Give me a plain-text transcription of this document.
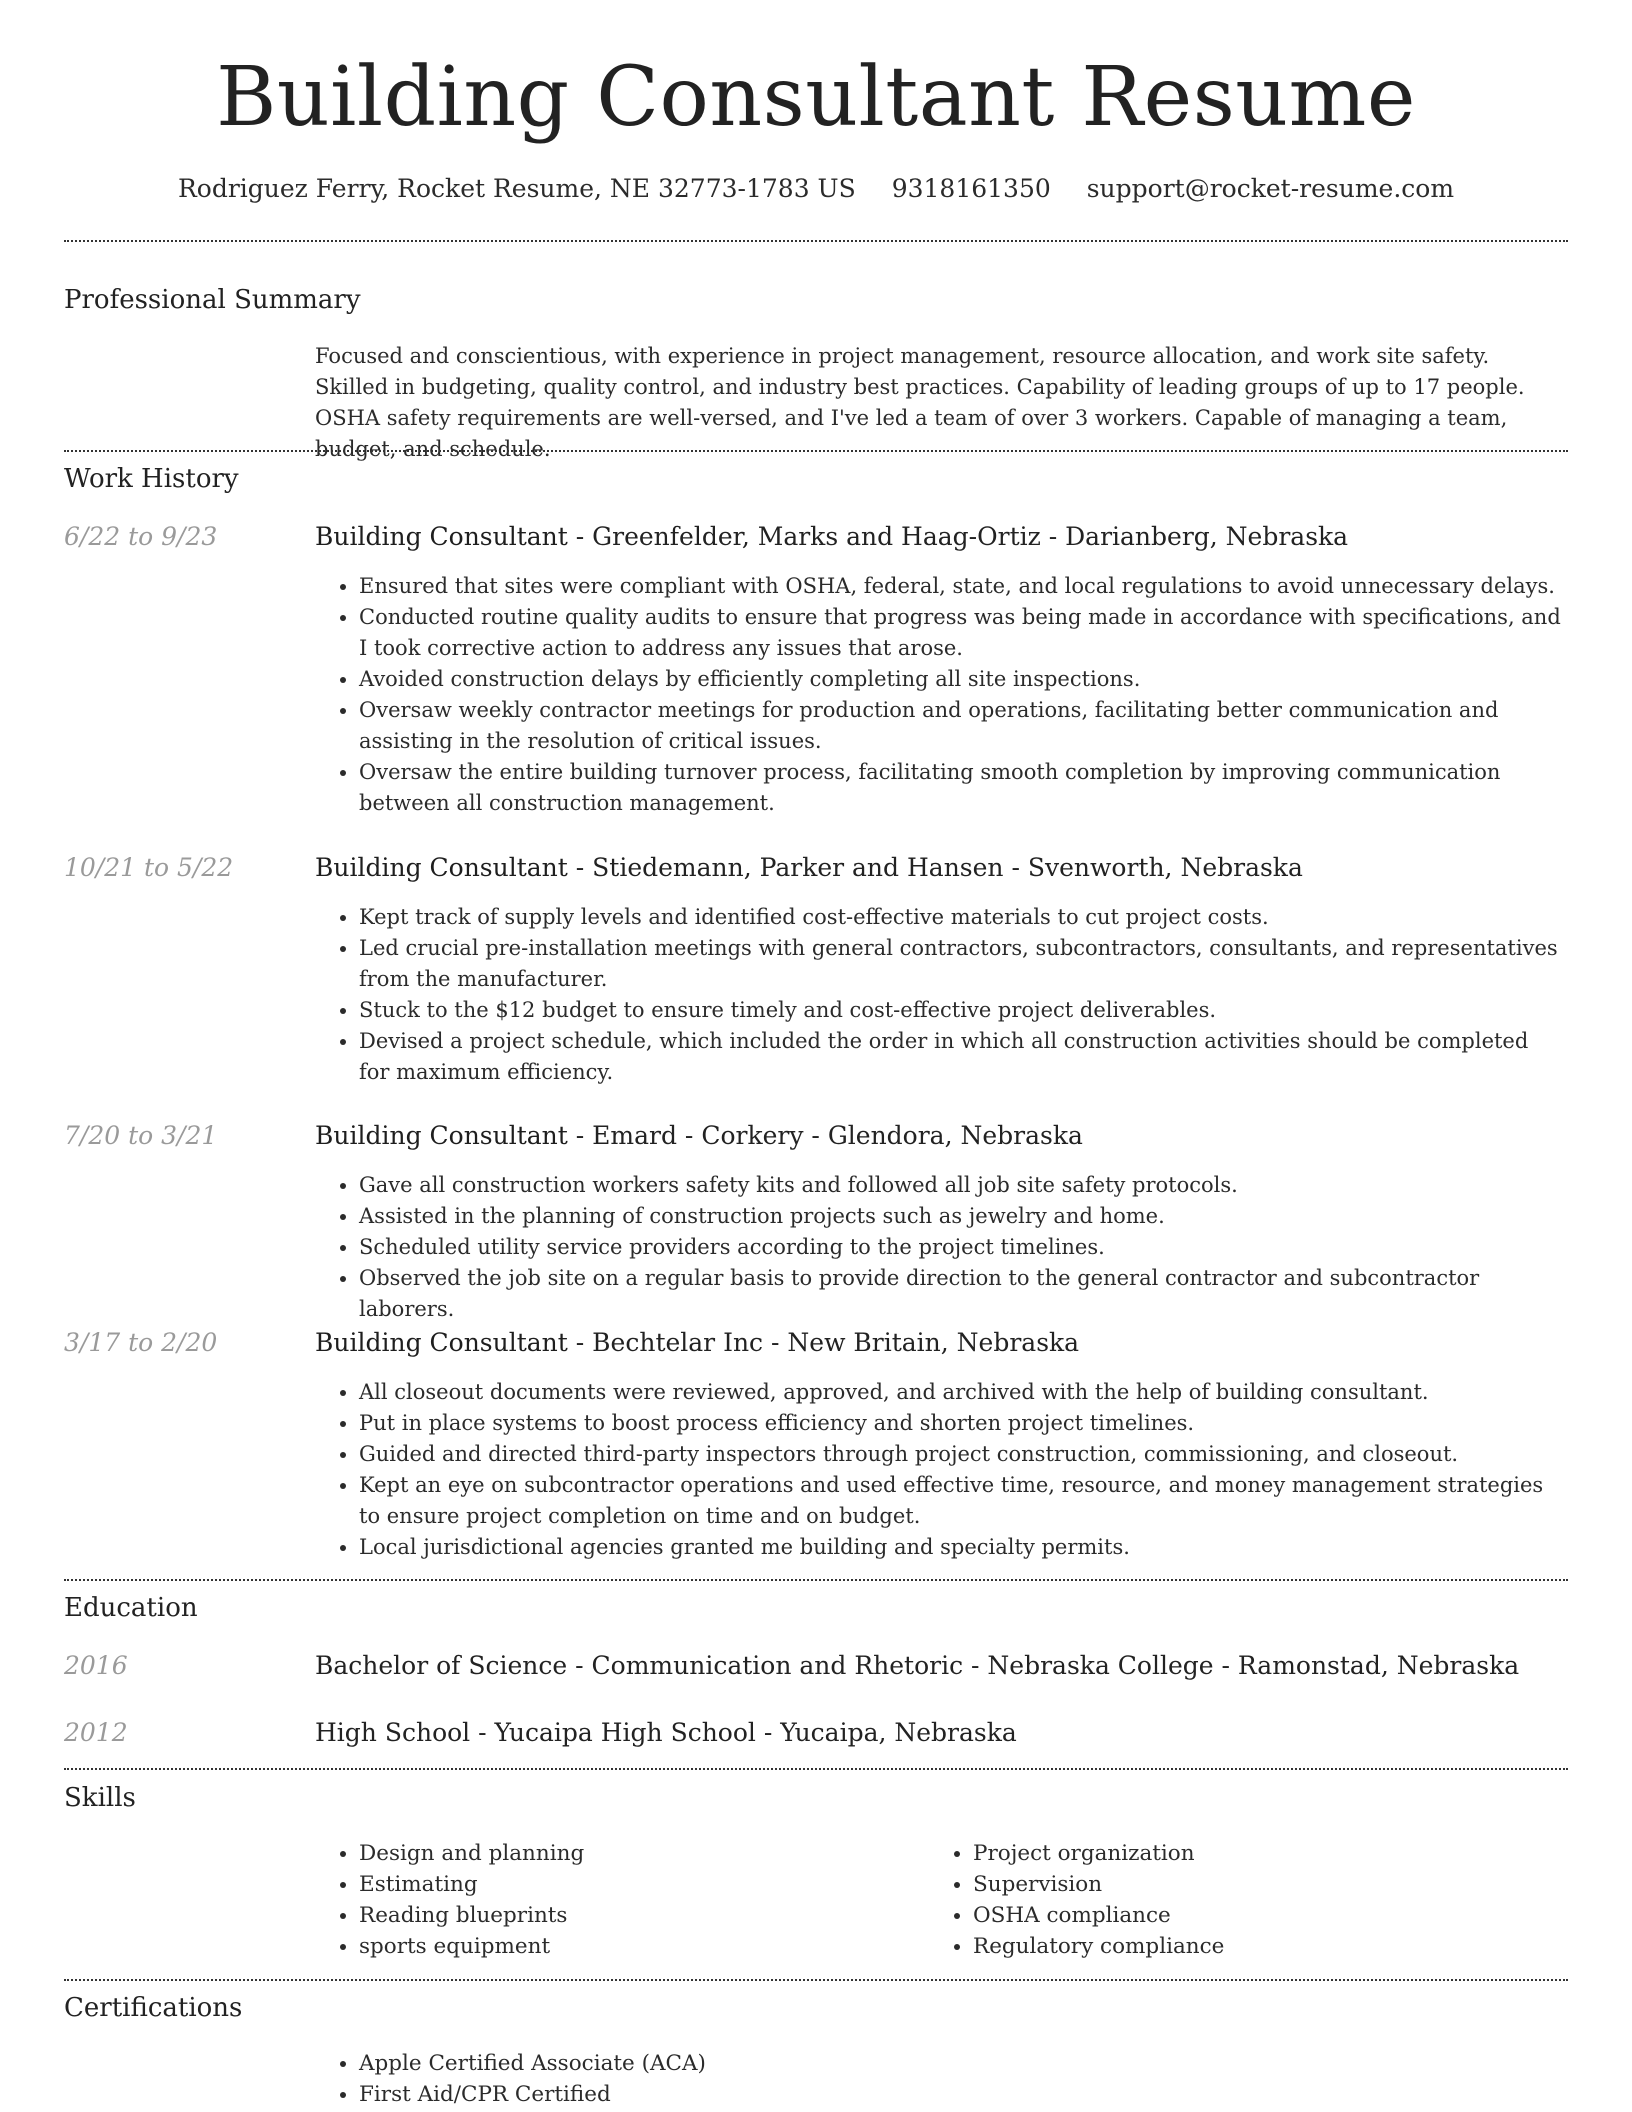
Building Consultant Resume
Rodriguez Ferry, Rocket Resume, NE 32773-1783 US 9318161350 support@rocket-resume.com
Professional Summary
Focused and conscientious, with experience in project management, resource allocation, and work site safety. Skilled in budgeting, quality control, and industry best practices. Capability of leading groups of up to 17 people. OSHA safety requirements are well-versed, and I've led a team of over 3 workers. Capable of managing a team, budget, and schedule.
Work History
6/22 to 9/23	Building Consultant - Greenfelder, Marks and Haag-Ortiz - Darianberg, Nebraska
• Ensured that sites were compliant with OSHA, federal, state, and local regulations to avoid unnecessary delays.
• Conducted routine quality audits to ensure that progress was being made in accordance with specifications, and I took corrective action to address any issues that arose.
• Avoided construction delays by efficiently completing all site inspections.
• Oversaw weekly contractor meetings for production and operations, facilitating better communication and assisting in the resolution of critical issues.
• Oversaw the entire building turnover process, facilitating smooth completion by improving communication between all construction management.
10/21 to 5/22	Building Consultant - Stiedemann, Parker and Hansen - Svenworth, Nebraska
• Kept track of supply levels and identified cost-effective materials to cut project costs.
• Led crucial pre-installation meetings with general contractors, subcontractors, consultants, and representatives from the manufacturer.
• Stuck to the $12 budget to ensure timely and cost-effective project deliverables.
• Devised a project schedule, which included the order in which all construction activities should be completed for maximum efficiency.
7/20 to 3/21	Building Consultant - Emard - Corkery - Glendora, Nebraska
• Gave all construction workers safety kits and followed all job site safety protocols.
• Assisted in the planning of construction projects such as jewelry and home.
• Scheduled utility service providers according to the project timelines.
• Observed the job site on a regular basis to provide direction to the general contractor and subcontractor laborers.
3/17 to 2/20	Building Consultant - Bechtelar Inc - New Britain, Nebraska
• All closeout documents were reviewed, approved, and archived with the help of building consultant.
• Put in place systems to boost process efficiency and shorten project timelines.
• Guided and directed third-party inspectors through project construction, commissioning, and closeout.
• Kept an eye on subcontractor operations and used effective time, resource, and money management strategies to ensure project completion on time and on budget.
• Local jurisdictional agencies granted me building and specialty permits.
Education
2016	Bachelor of Science - Communication and Rhetoric - Nebraska College - Ramonstad, Nebraska
2012	High School - Yucaipa High School - Yucaipa, Nebraska
Skills
• Design and planning
• Estimating
• Reading blueprints
• sports equipment
• Project organization
• Supervision
• OSHA compliance
• Regulatory compliance
Certifications
• Apple Certified Associate (ACA)
• First Aid/CPR Certified
